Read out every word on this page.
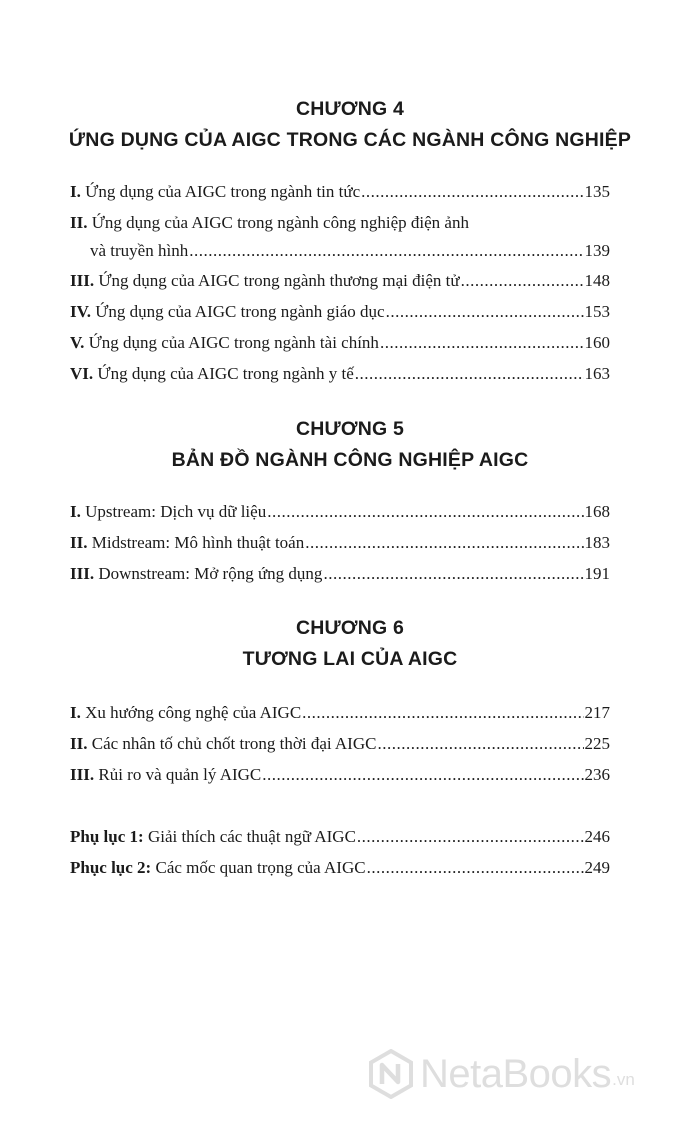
CHƯƠNG 4
ỨNG DỤNG CỦA AIGC TRONG CÁC NGÀNH CÔNG NGHIỆP
I. Ứng dụng của AIGC trong ngành tin tức .....	135
II. Ứng dụng của AIGC trong ngành công nghiệp điện ảnh
và truyền hình .....	139
III. Ứng dụng của AIGC trong ngành thương mại điện tử .....	148
IV. Ứng dụng của AIGC trong ngành giáo dục .....	153
V. Ứng dụng của AIGC trong ngành tài chính .....	160
VI. Ứng dụng của AIGC trong ngành y tế .....	163
CHƯƠNG 5
BẢN ĐỒ NGÀNH CÔNG NGHIỆP AIGC
I. Upstream: Dịch vụ dữ liệu .....	168
II. Midstream: Mô hình thuật toán .....	183
III. Downstream: Mở rộng ứng dụng .....	191
CHƯƠNG 6
TƯƠNG LAI CỦA AIGC
I. Xu hướng công nghệ của AIGC .....	217
II. Các nhân tố chủ chốt trong thời đại AIGC .....	225
III. Rủi ro và quản lý AIGC .....	236
Phụ lục 1: Giải thích các thuật ngữ AIGC .....	246
Phục lục 2: Các mốc quan trọng của AIGC .....	249
NetaBooks .vn
